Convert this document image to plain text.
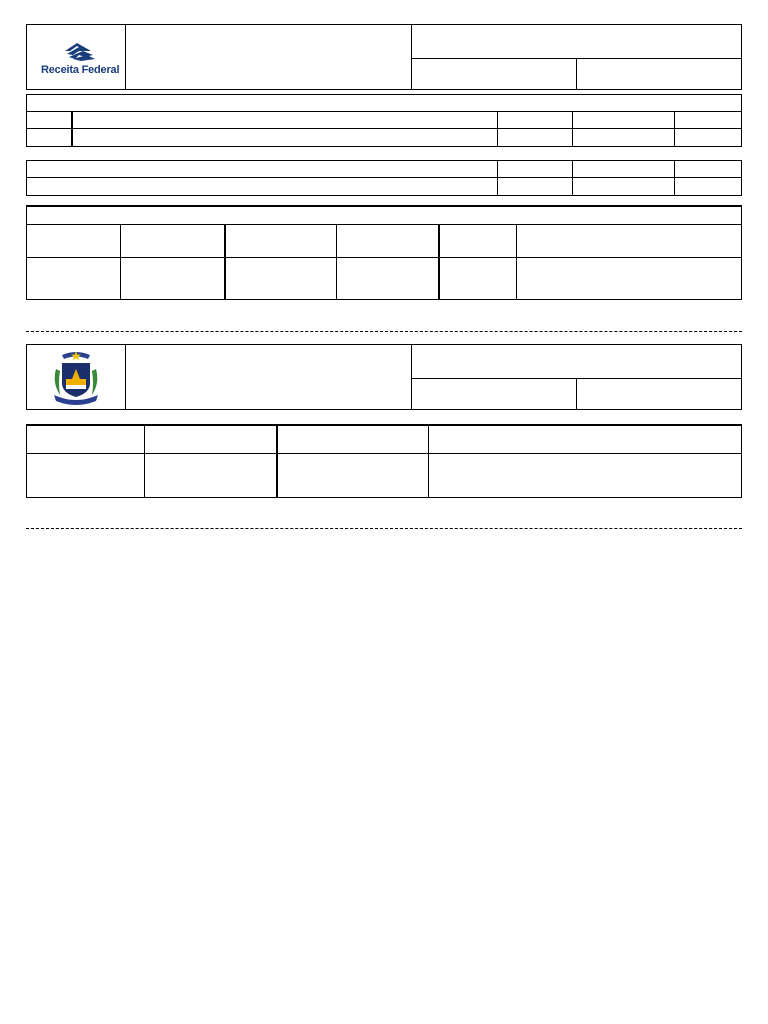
Receita Federal
